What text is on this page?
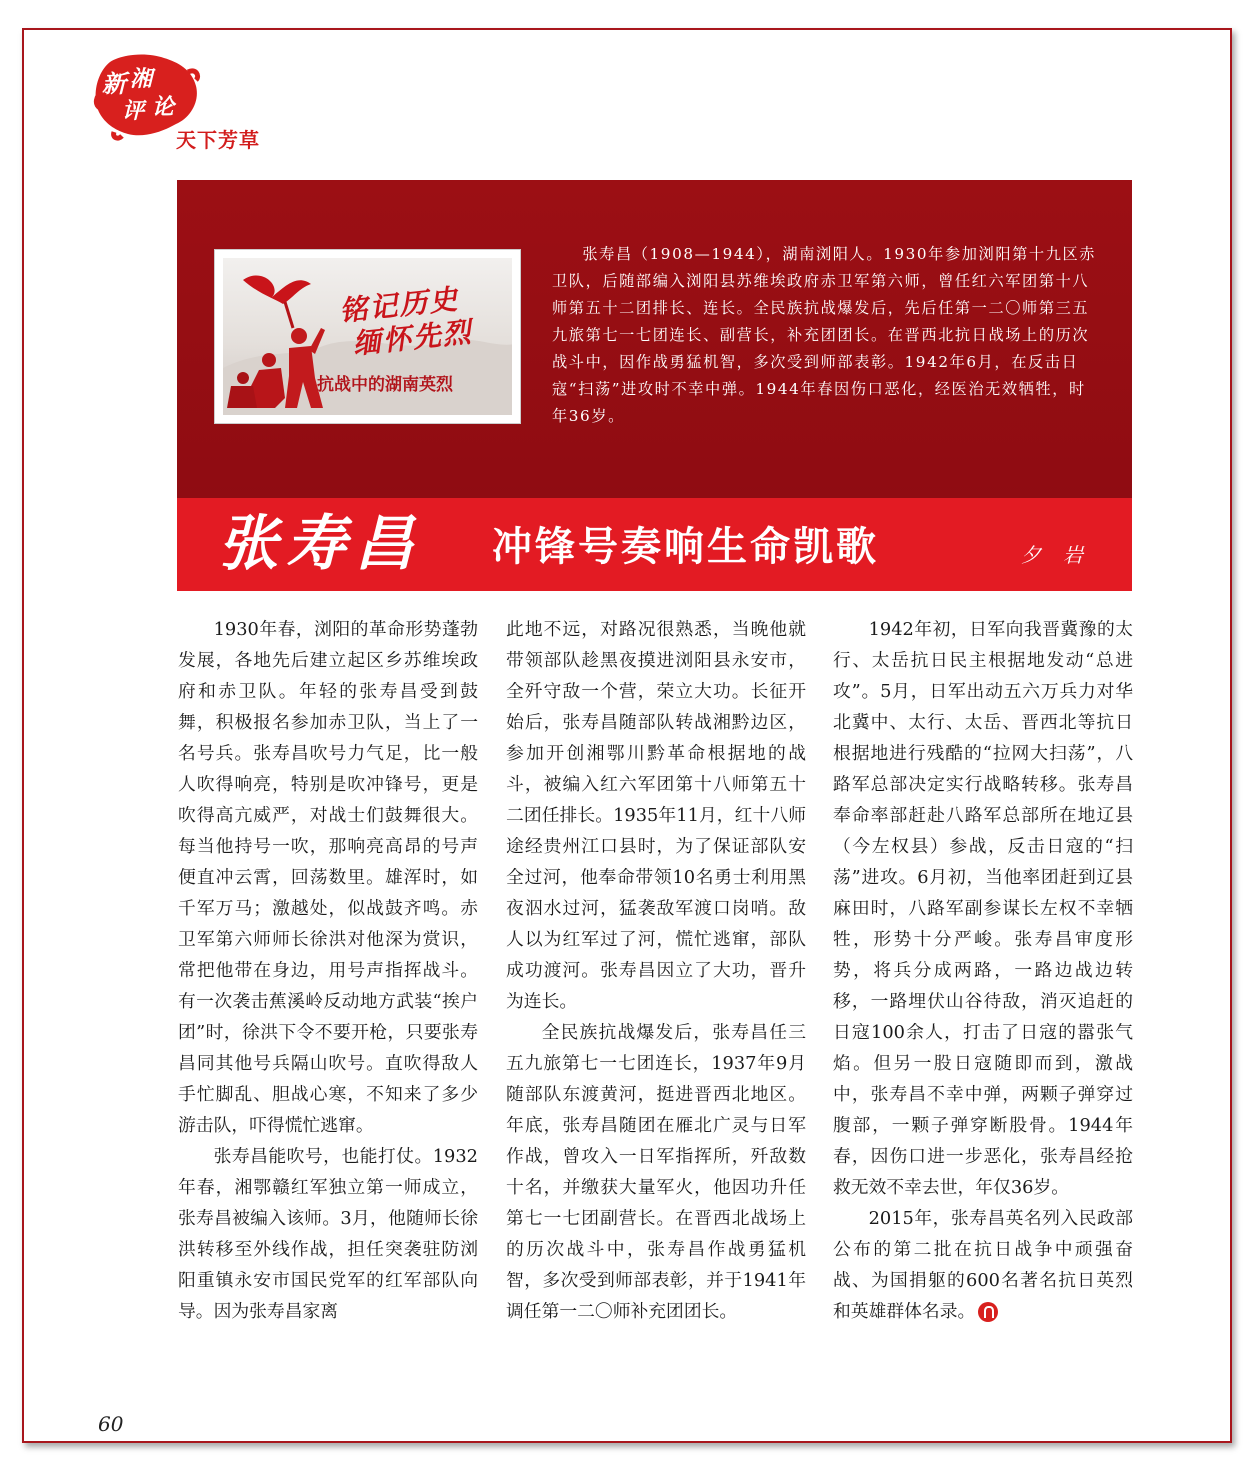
新 湘
评 论
天下芳草
铭记历史
缅怀先烈
抗战中的湖南英烈

张寿昌（1908—1944），湖南浏阳人。1930年参加浏阳第十九区赤卫队，后随部编入浏阳县苏维埃政府赤卫军第六师，曾任红六军团第十八师第五十二团排长、连长。全民族抗战爆发后，先后任第一二〇师第三五九旅第七一七团连长、副营长，补充团团长。在晋西北抗日战场上的历次战斗中，因作战勇猛机智，多次受到师部表彰。1942年6月，在反击日寇“扫荡”进攻时不幸中弹。1944年春因伤口恶化，经医治无效牺牲，时年36岁。

张寿昌 冲锋号奏响生命凯歌	夕岩

1930年春，浏阳的革命形势蓬勃发展，各地先后建立起区乡苏维埃政府和赤卫队。年轻的张寿昌受到鼓舞，积极报名参加赤卫队，当上了一名号兵。张寿昌吹号力气足，比一般人吹得响亮，特别是吹冲锋号，更是吹得高亢威严，对战士们鼓舞很大。每当他持号一吹，那响亮高昂的号声便直冲云霄，回荡数里。雄浑时，如千军万马；激越处，似战鼓齐鸣。赤卫军第六师师长徐洪对他深为赏识，常把他带在身边，用号声指挥战斗。有一次袭击蕉溪岭反动地方武装“挨户团”时，徐洪下令不要开枪，只要张寿昌同其他号兵隔山吹号。直吹得敌人手忙脚乱、胆战心寒，不知来了多少游击队，吓得慌忙逃窜。

张寿昌能吹号，也能打仗。1932年春，湘鄂赣红军独立第一师成立，张寿昌被编入该师。3月，他随师长徐洪转移至外线作战，担任突袭驻防浏阳重镇永安市国民党军的红军部队向导。因为张寿昌家离

此地不远，对路况很熟悉，当晚他就带领部队趁黑夜摸进浏阳县永安市，全歼守敌一个营，荣立大功。长征开始后，张寿昌随部队转战湘黔边区，参加开创湘鄂川黔革命根据地的战斗，被编入红六军团第十八师第五十二团任排长。1935年11月，红十八师途经贵州江口县时，为了保证部队安全过河，他奉命带领10名勇士利用黑夜泅水过河，猛袭敌军渡口岗哨。敌人以为红军过了河，慌忙逃窜，部队成功渡河。张寿昌因立了大功，晋升为连长。

全民族抗战爆发后，张寿昌任三五九旅第七一七团连长，1937年9月随部队东渡黄河，挺进晋西北地区。年底，张寿昌随团在雁北广灵与日军作战，曾攻入一日军指挥所，歼敌数十名，并缴获大量军火，他因功升任第七一七团副营长。在晋西北战场上的历次战斗中，张寿昌作战勇猛机智，多次受到师部表彰，并于1941年调任第一二〇师补充团团长。

1942年初，日军向我晋冀豫的太行、太岳抗日民主根据地发动“总进攻”。5月，日军出动五六万兵力对华北冀中、太行、太岳、晋西北等抗日根据地进行残酷的“拉网大扫荡”，八路军总部决定实行战略转移。张寿昌奉命率部赶赴八路军总部所在地辽县（今左权县）参战，反击日寇的“扫荡”进攻。6月初，当他率团赶到辽县麻田时，八路军副参谋长左权不幸牺牲，形势十分严峻。张寿昌审度形势，将兵分成两路，一路边战边转移，一路埋伏山谷待敌，消灭追赶的日寇100余人，打击了日寇的嚣张气焰。但另一股日寇随即而到，激战中，张寿昌不幸中弹，两颗子弹穿过腹部，一颗子弹穿断股骨。1944年春，因伤口进一步恶化，张寿昌经抢救无效不幸去世，年仅36岁。

2015年，张寿昌英名列入民政部公布的第二批在抗日战争中顽强奋战、为国捐躯的600名著名抗日英烈和英雄群体名录。

60
